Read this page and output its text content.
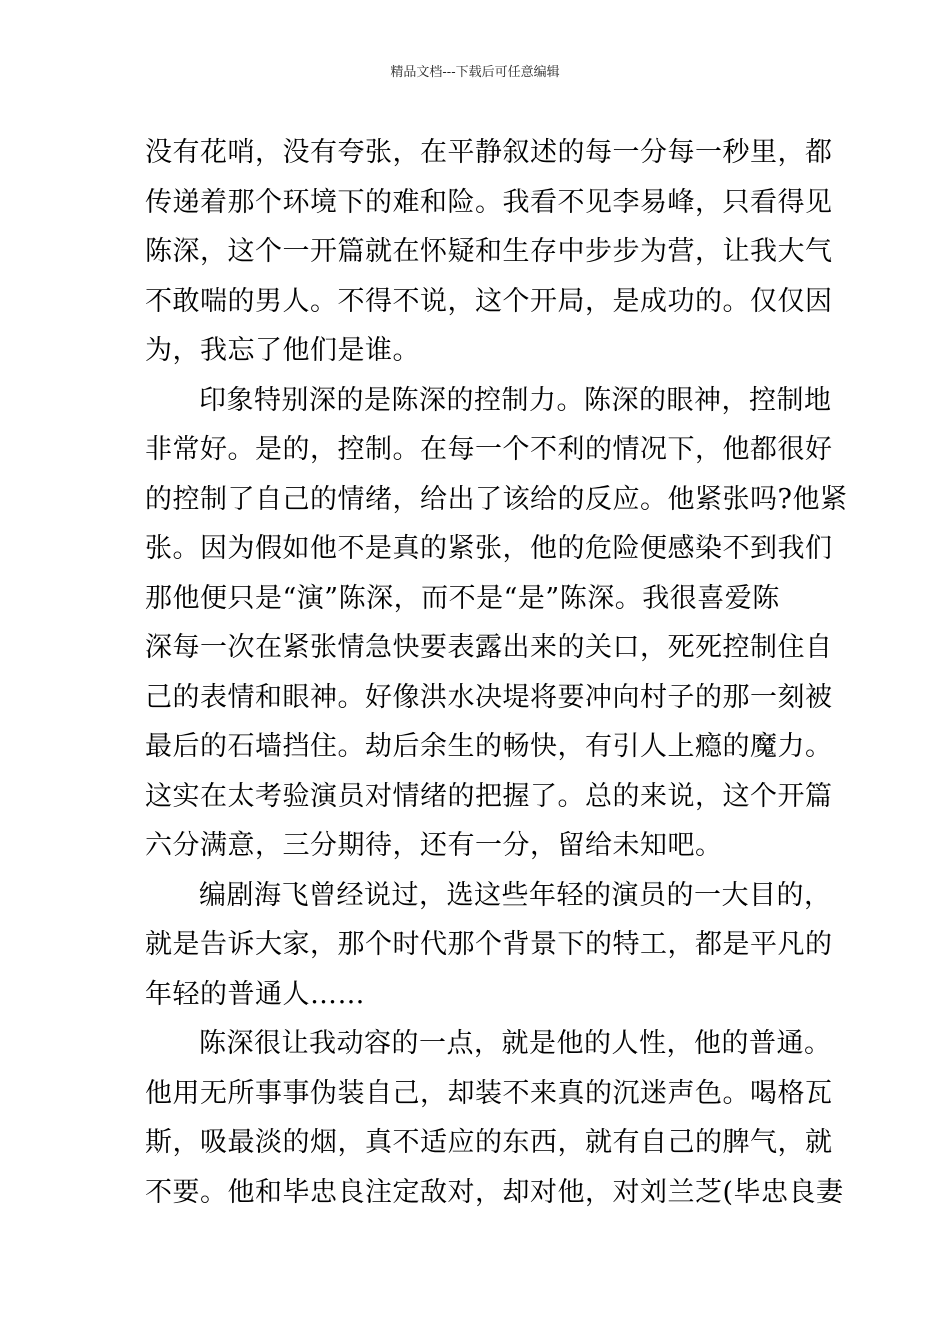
精品文档---下载后可任意编辑
没有花哨，没有夸张，在平静叙述的每一分每一秒里，都
传递着那个环境下的难和险。我看不见李易峰，只看得见
陈深，这个一开篇就在怀疑和生存中步步为营，让我大气
不敢喘的男人。不得不说，这个开局，是成功的。仅仅因
为，我忘了他们是谁。
印象特别深的是陈深的控制力。陈深的眼神，控制地
非常好。是的，控制。在每一个不利的情况下，他都很好
的控制了自己的情绪，给出了该给的反应。他紧张吗?他紧
张。因为假如他不是真的紧张，他的危险便感染不到我们
那他便只是“演”陈深，而不是“是”陈深。我很喜爱陈
深每一次在紧张情急快要表露出来的关口，死死控制住自
己的表情和眼神。好像洪水决堤将要冲向村子的那一刻被
最后的石墙挡住。劫后余生的畅快，有引人上瘾的魔力。
这实在太考验演员对情绪的把握了。总的来说，这个开篇
六分满意，三分期待，还有一分，留给未知吧。
编剧海飞曾经说过，选这些年轻的演员的一大目的，
就是告诉大家，那个时代那个背景下的特工，都是平凡的
年轻的普通人……
陈深很让我动容的一点，就是他的人性，他的普通。
他用无所事事伪装自己，却装不来真的沉迷声色。喝格瓦
斯，吸最淡的烟，真不适应的东西，就有自己的脾气，就
不要。他和毕忠良注定敌对，却对他，对刘兰芝(毕忠良妻
